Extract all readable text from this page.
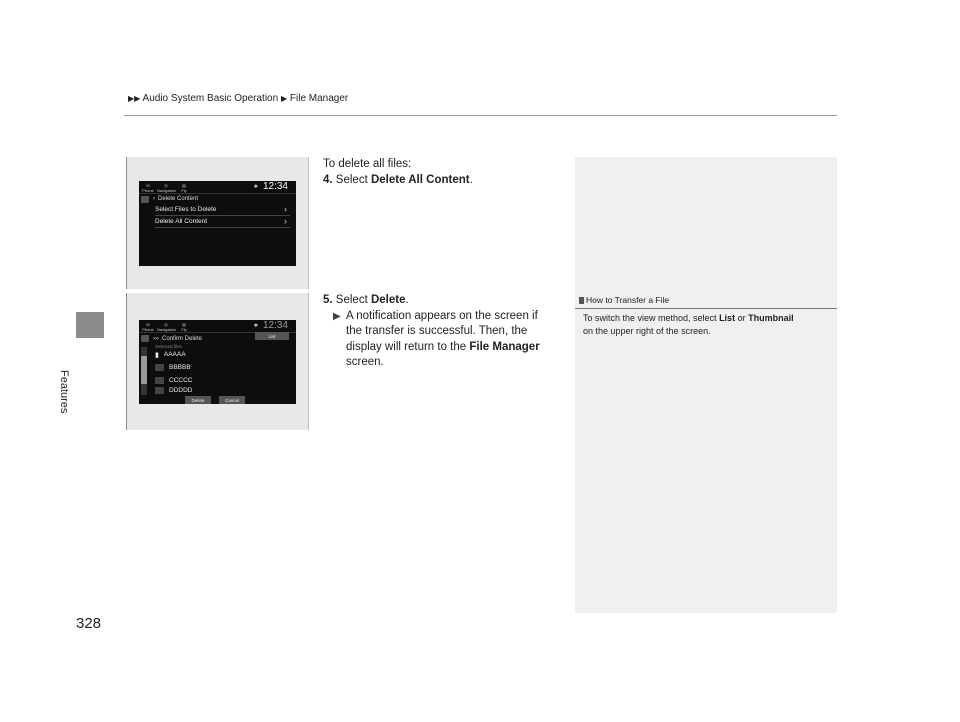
▶▶ Audio System Basic Operation ▶ File Manager
Features
328
☏
Phone
◎
Navigation
▤
Fly
✱ 12:34
› Delete Content
Select Files to Delete	›
Delete All Content	›
☏
Phone
◎
Navigation
▤
Fly
✱ 12:34
››› Confirm Delete	List
Selected files
▮ AAAAA
BBBBB
CCCCC
DDDDD
Delete	Cancel
To delete all files:
4. Select Delete All Content.
5. Select Delete.
▶ A notification appears on the screen if
the transfer is successful. Then, the
display will return to the File Manager
screen.
How to Transfer a File
To switch the view method, select List or Thumbnail
on the upper right of the screen.
